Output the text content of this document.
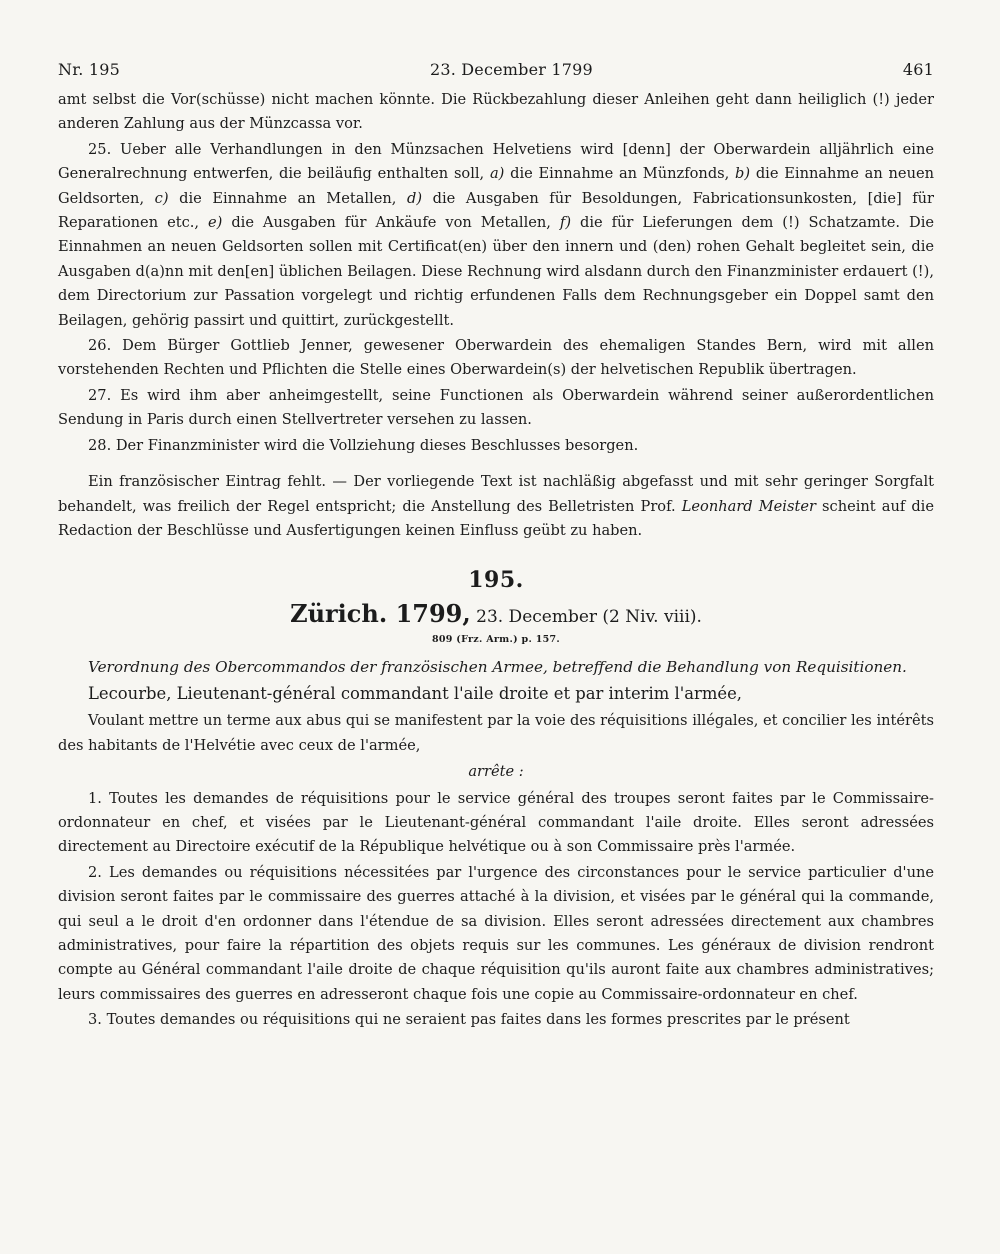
Nr. 195	23. December 1799	461

amt selbst die Vor(schüsse) nicht machen könnte. Die Rückbezahlung dieser Anleihen geht dann heiliglich (!) jeder anderen Zahlung aus der Münzcassa vor.

25. Ueber alle Verhandlungen in den Münzsachen Helvetiens wird [denn] der Oberwardein alljährlich eine Generalrechnung entwerfen, die beiläufig enthalten soll, a) die Einnahme an Münzfonds, b) die Einnahme an neuen Geldsorten, c) die Einnahme an Metallen, d) die Ausgaben für Besoldungen, Fabricationsunkosten, [die] für Reparationen etc., e) die Ausgaben für Ankäufe von Metallen, f) die für Lieferungen dem (!) Schatzamte. Die Einnahmen an neuen Geldsorten sollen mit Certificat(en) über den innern und (den) rohen Gehalt begleitet sein, die Ausgaben d(a)nn mit den[en] üblichen Beilagen. Diese Rechnung wird alsdann durch den Finanzminister erdauert (!), dem Directorium zur Passation vorgelegt und richtig erfundenen Falls dem Rechnungsgeber ein Doppel samt den Beilagen, gehörig passirt und quittirt, zurückgestellt.

26. Dem Bürger Gottlieb Jenner, gewesener Oberwardein des ehemaligen Standes Bern, wird mit allen vorstehenden Rechten und Pflichten die Stelle eines Oberwardein(s) der helvetischen Republik übertragen.

27. Es wird ihm aber anheimgestellt, seine Functionen als Oberwardein während seiner außerordentlichen Sendung in Paris durch einen Stellvertreter versehen zu lassen.

28. Der Finanzminister wird die Vollziehung dieses Beschlusses besorgen.

Ein französischer Eintrag fehlt. — Der vorliegende Text ist nachläßig abgefasst und mit sehr geringer Sorgfalt behandelt, was freilich der Regel entspricht; die Anstellung des Belletristen Prof. Leonhard Meister scheint auf die Redaction der Beschlüsse und Ausfertigungen keinen Einfluss geübt zu haben.

195.
Zürich. 1799, 23. December (2 Niv. viii).
809 (Frz. Arm.) p. 157.

Verordnung des Obercommandos der französischen Armee, betreffend die Behandlung von Requisitionen.

Lecourbe, Lieutenant-général commandant l'aile droite et par interim l'armée,

Voulant mettre un terme aux abus qui se manifestent par la voie des réquisitions illégales, et concilier les intérêts des habitants de l'Helvétie avec ceux de l'armée,

arrête :

1. Toutes les demandes de réquisitions pour le service général des troupes seront faites par le Commissaire-ordonnateur en chef, et visées par le Lieutenant-général commandant l'aile droite. Elles seront adressées directement au Directoire exécutif de la République helvétique ou à son Commissaire près l'armée.

2. Les demandes ou réquisitions nécessitées par l'urgence des circonstances pour le service particulier d'une division seront faites par le commissaire des guerres attaché à la division, et visées par le général qui la commande, qui seul a le droit d'en ordonner dans l'étendue de sa division. Elles seront adressées directement aux chambres administratives, pour faire la répartition des objets requis sur les communes. Les généraux de division rendront compte au Général commandant l'aile droite de chaque réquisition qu'ils auront faite aux chambres administratives; leurs commissaires des guerres en adresseront chaque fois une copie au Commissaire-ordonnateur en chef.

3. Toutes demandes ou réquisitions qui ne seraient pas faites dans les formes prescrites par le présent
